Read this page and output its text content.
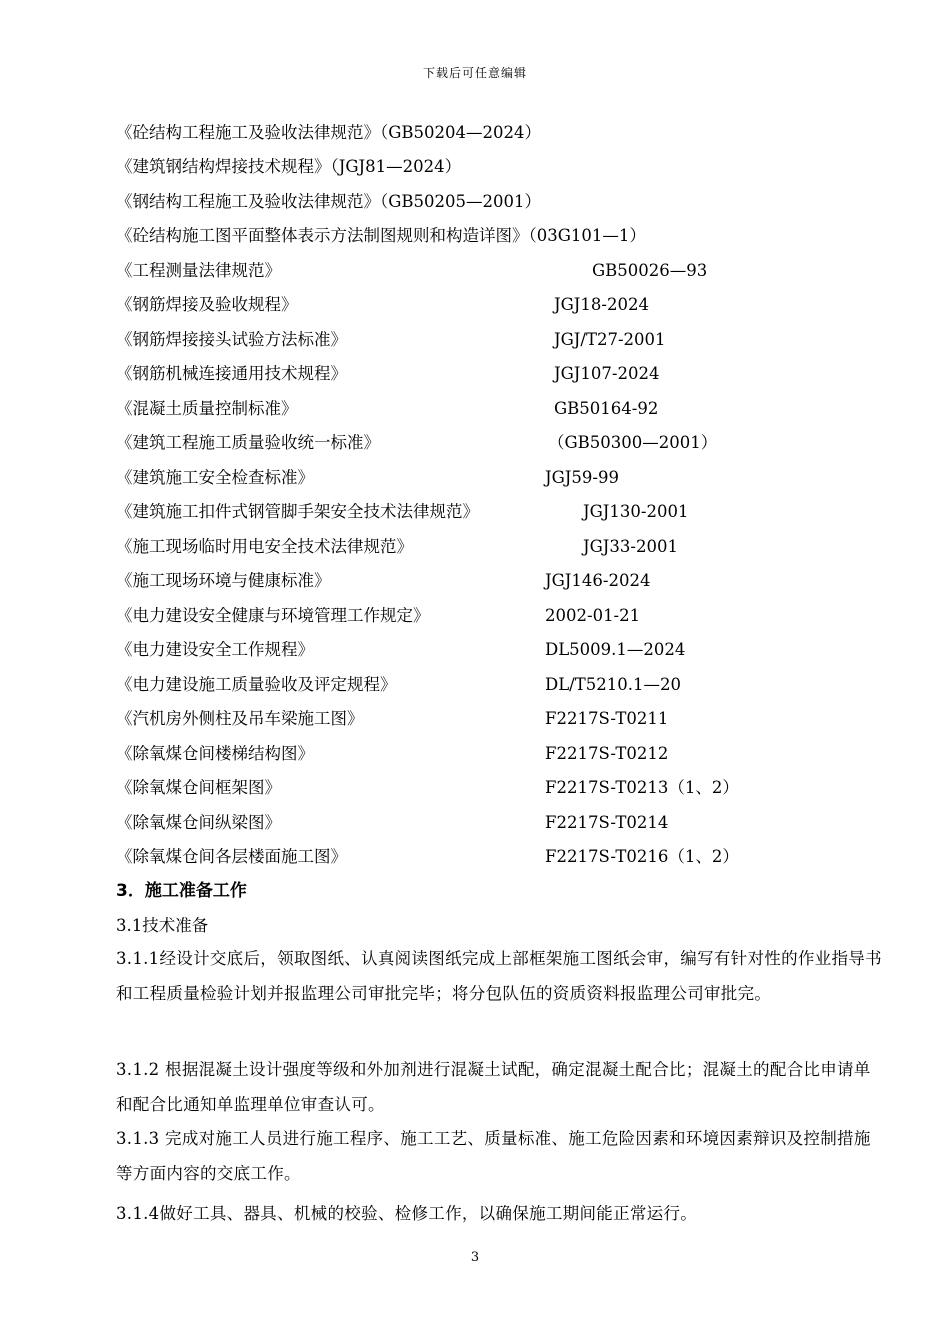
下载后可任意编辑
《砼结构工程施工及验收法律规范》（GB50204—2024）
《建筑钢结构焊接技术规程》（JGJ81—2024）
《钢结构工程施工及验收法律规范》（GB50205—2001）
《砼结构施工图平面整体表示方法制图规则和构造详图》（03G101—1）
《工程测量法律规范》	GB50026—93
《钢筋焊接及验收规程》	JGJ18-2024
《钢筋焊接接头试验方法标准》	JGJ/T27-2001
《钢筋机械连接通用技术规程》	JGJ107-2024
《混凝土质量控制标准》	GB50164-92
《建筑工程施工质量验收统一标准》	（GB50300—2001）
《建筑施工安全检查标准》	JGJ59-99
《建筑施工扣件式钢管脚手架安全技术法律规范》	JGJ130-2001
《施工现场临时用电安全技术法律规范》	JGJ33-2001
《施工现场环境与健康标准》	JGJ146-2024
《电力建设安全健康与环境管理工作规定》	2002-01-21
《电力建设安全工作规程》	DL5009.1—2024
《电力建设施工质量验收及评定规程》	DL/T5210.1—20
《汽机房外侧柱及吊车梁施工图》	F2217S-T0211
《除氧煤仓间楼梯结构图》	F2217S-T0212
《除氧煤仓间框架图》	F2217S-T0213（1、2）
《除氧煤仓间纵梁图》	F2217S-T0214
《除氧煤仓间各层楼面施工图》	F2217S-T0216（1、2）
3．施工准备工作
3.1技术准备
3.1.1经设计交底后，领取图纸、认真阅读图纸完成上部框架施工图纸会审，编写有针对性的作业指导书和工程质量检验计划并报监理公司审批完毕；将分包队伍的资质资料报监理公司审批完。
3.1.2 根据混凝土设计强度等级和外加剂进行混凝土试配，确定混凝土配合比；混凝土的配合比申请单和配合比通知单监理单位审查认可。
3.1.3 完成对施工人员进行施工程序、施工工艺、质量标准、施工危险因素和环境因素辩识及控制措施等方面内容的交底工作。
3.1.4做好工具、器具、机械的校验、检修工作，以确保施工期间能正常运行。
3
